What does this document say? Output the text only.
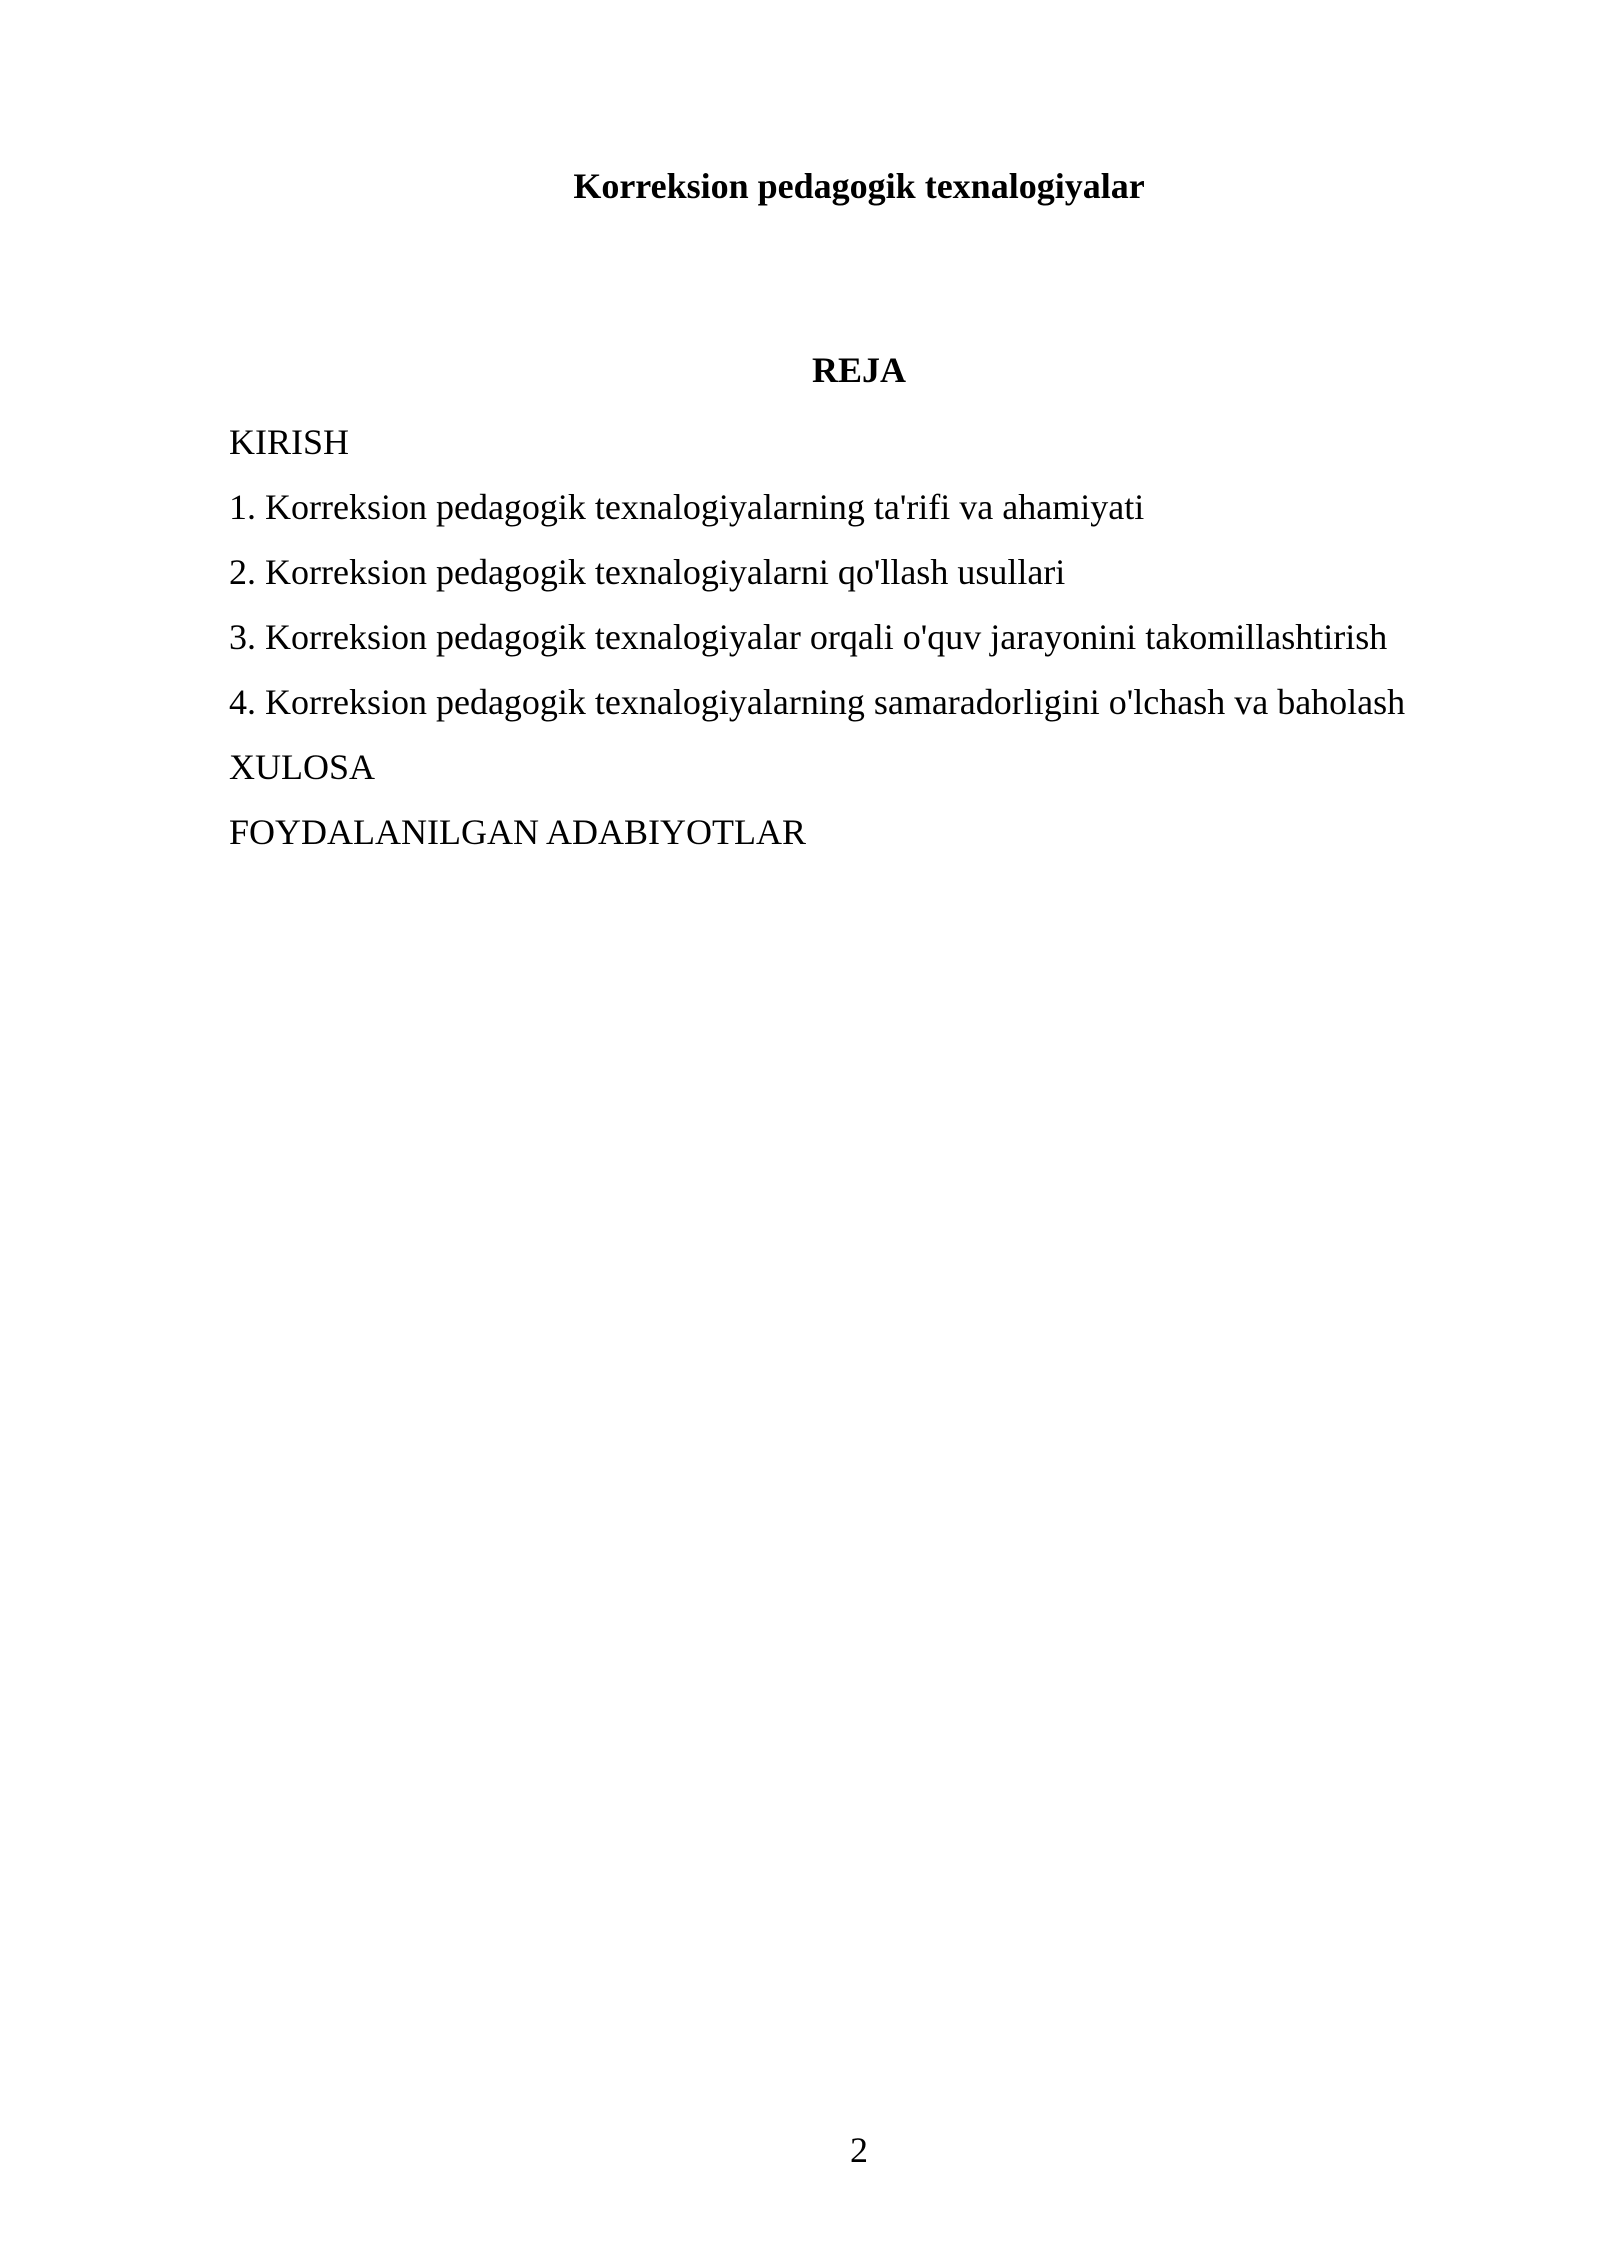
Korreksion pedagogik texnalogiyalar
REJA
KIRISH
1. Korreksion pedagogik texnalogiyalarning ta'rifi va ahamiyati
2. Korreksion pedagogik texnalogiyalarni qo'llash usullari
3. Korreksion pedagogik texnalogiyalar orqali o'quv jarayonini takomillashtirish
4. Korreksion pedagogik texnalogiyalarning samaradorligini o'lchash va baholash
XULOSA
FOYDALANILGAN ADABIYOTLAR
2
